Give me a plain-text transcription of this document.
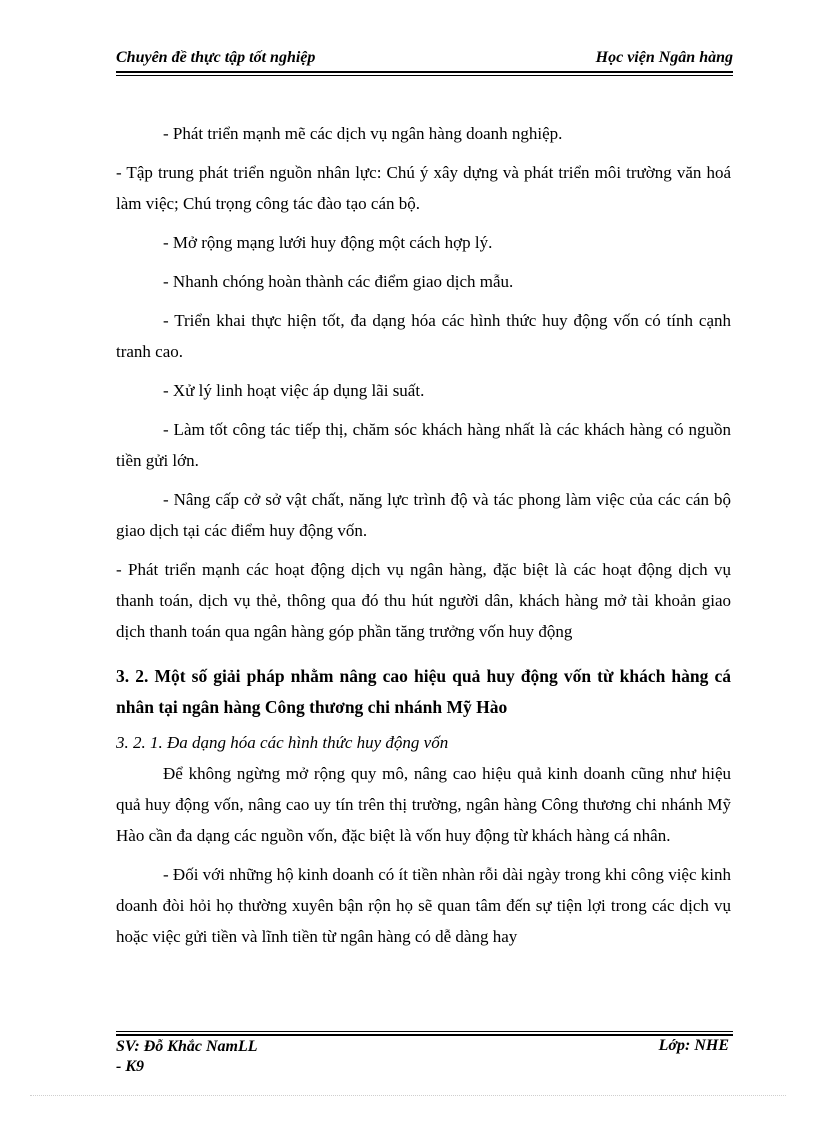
Chuyên đề thực tập tốt nghiệp	Học viện Ngân hàng

- Phát triển mạnh mẽ các dịch vụ ngân hàng doanh nghiệp.

- Tập trung phát triển nguồn nhân lực: Chú ý xây dựng và phát triển môi trường văn hoá làm việc; Chú trọng công tác đào tạo cán bộ.

- Mở rộng mạng lưới huy động một cách hợp lý.

- Nhanh chóng hoàn thành các điểm giao dịch mẫu.

- Triển khai thực hiện tốt, đa dạng hóa các hình thức huy động vốn có tính cạnh tranh cao.

- Xử lý linh hoạt việc áp dụng lãi suất.

- Làm tốt công tác tiếp thị, chăm sóc khách hàng nhất là các khách hàng có nguồn tiền gửi lớn.

- Nâng cấp cở sở vật chất, năng lực trình độ và tác phong làm việc của các cán bộ giao dịch tại các điểm huy động vốn.

- Phát triển mạnh các hoạt động dịch vụ ngân hàng, đặc biệt là các hoạt động dịch vụ thanh toán, dịch vụ thẻ, thông qua đó thu hút người dân, khách hàng mở tài khoản giao dịch thanh toán qua ngân hàng góp phần tăng trưởng vốn huy động

3. 2. Một số giải pháp nhằm nâng cao hiệu quả huy động vốn từ khách hàng cá nhân tại ngân hàng Công thương chi nhánh Mỹ Hào

3. 2. 1. Đa dạng hóa các hình thức huy động vốn

Để không ngừng mở rộng quy mô, nâng cao hiệu quả kinh doanh cũng như hiệu quả huy động vốn, nâng cao uy tín trên thị trường, ngân hàng Công thương chi nhánh Mỹ Hào cần đa dạng các nguồn vốn, đặc biệt là vốn huy động từ khách hàng cá nhân.

- Đối với những hộ kinh doanh có ít tiền nhàn rỗi dài ngày trong khi công việc kinh doanh đòi hỏi họ thường xuyên bận rộn họ sẽ quan tâm đến sự tiện lợi trong các dịch vụ hoặc việc gửi tiền và lĩnh tiền từ ngân hàng có dễ dàng hay

SV: Đỗ Khắc NamLL
- K9
Lớp: NHE
